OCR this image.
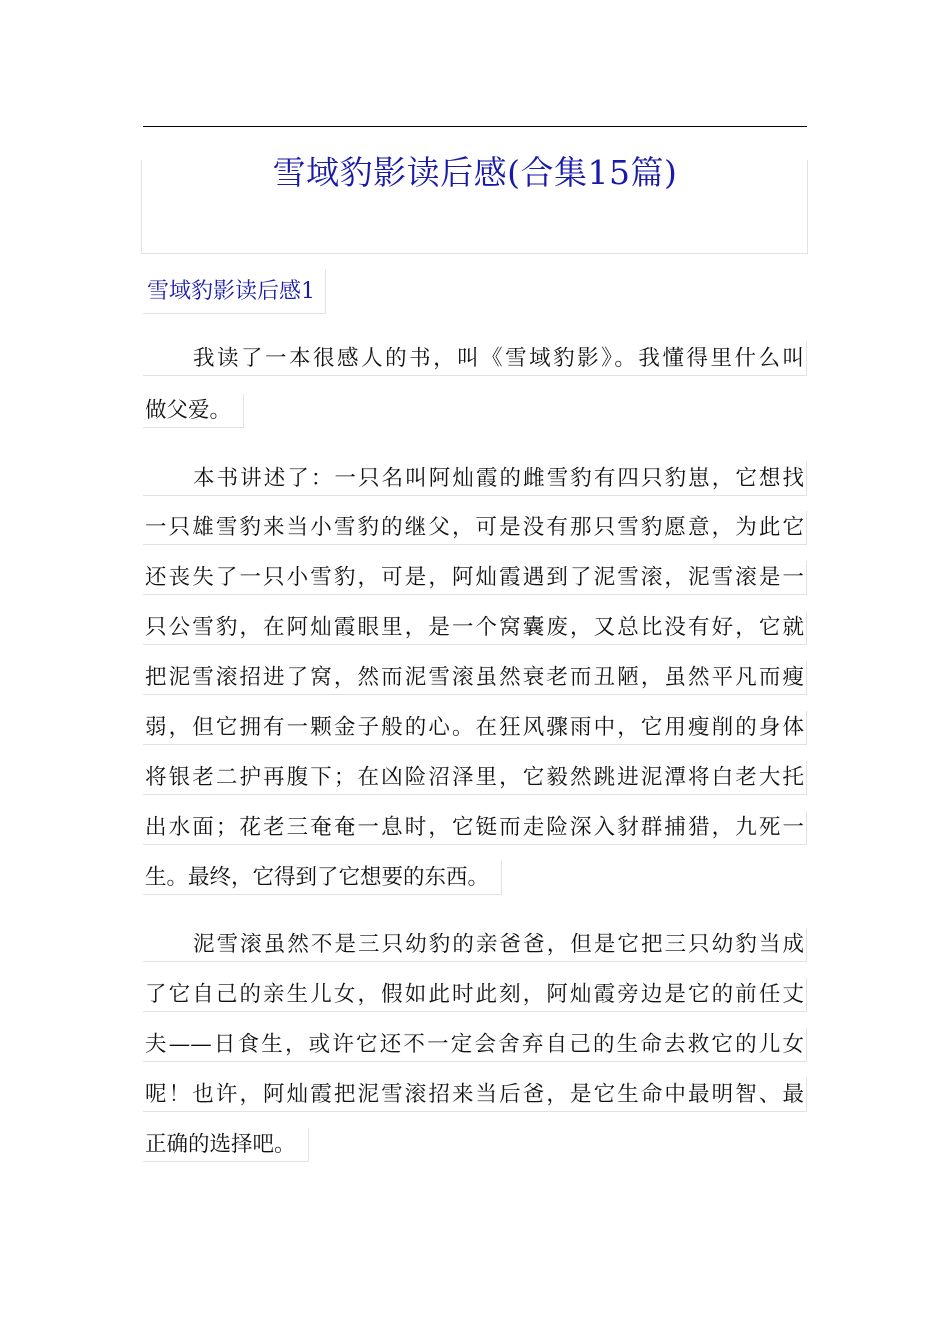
雪域豹影读后感(合集15篇)
雪域豹影读后感1
我读了一本很感人的书，叫《雪域豹影》。我懂得里什么叫
做父爱。
本书讲述了：一只名叫阿灿霞的雌雪豹有四只豹崽，它想找
一只雄雪豹来当小雪豹的继父，可是没有那只雪豹愿意，为此它
还丧失了一只小雪豹，可是，阿灿霞遇到了泥雪滚，泥雪滚是一
只公雪豹，在阿灿霞眼里，是一个窝囊废，又总比没有好，它就
把泥雪滚招进了窝，然而泥雪滚虽然衰老而丑陋，虽然平凡而瘦
弱，但它拥有一颗金子般的心。在狂风骤雨中，它用瘦削的身体
将银老二护再腹下；在凶险沼泽里，它毅然跳进泥潭将白老大托
出水面；花老三奄奄一息时，它铤而走险深入豺群捕猎，九死一
生。最终，它得到了它想要的东西。
泥雪滚虽然不是三只幼豹的亲爸爸，但是它把三只幼豹当成
了它自己的亲生儿女，假如此时此刻，阿灿霞旁边是它的前任丈
夫——日食生，或许它还不一定会舍弃自己的生命去救它的儿女
呢！也许，阿灿霞把泥雪滚招来当后爸，是它生命中最明智、最
正确的选择吧。
